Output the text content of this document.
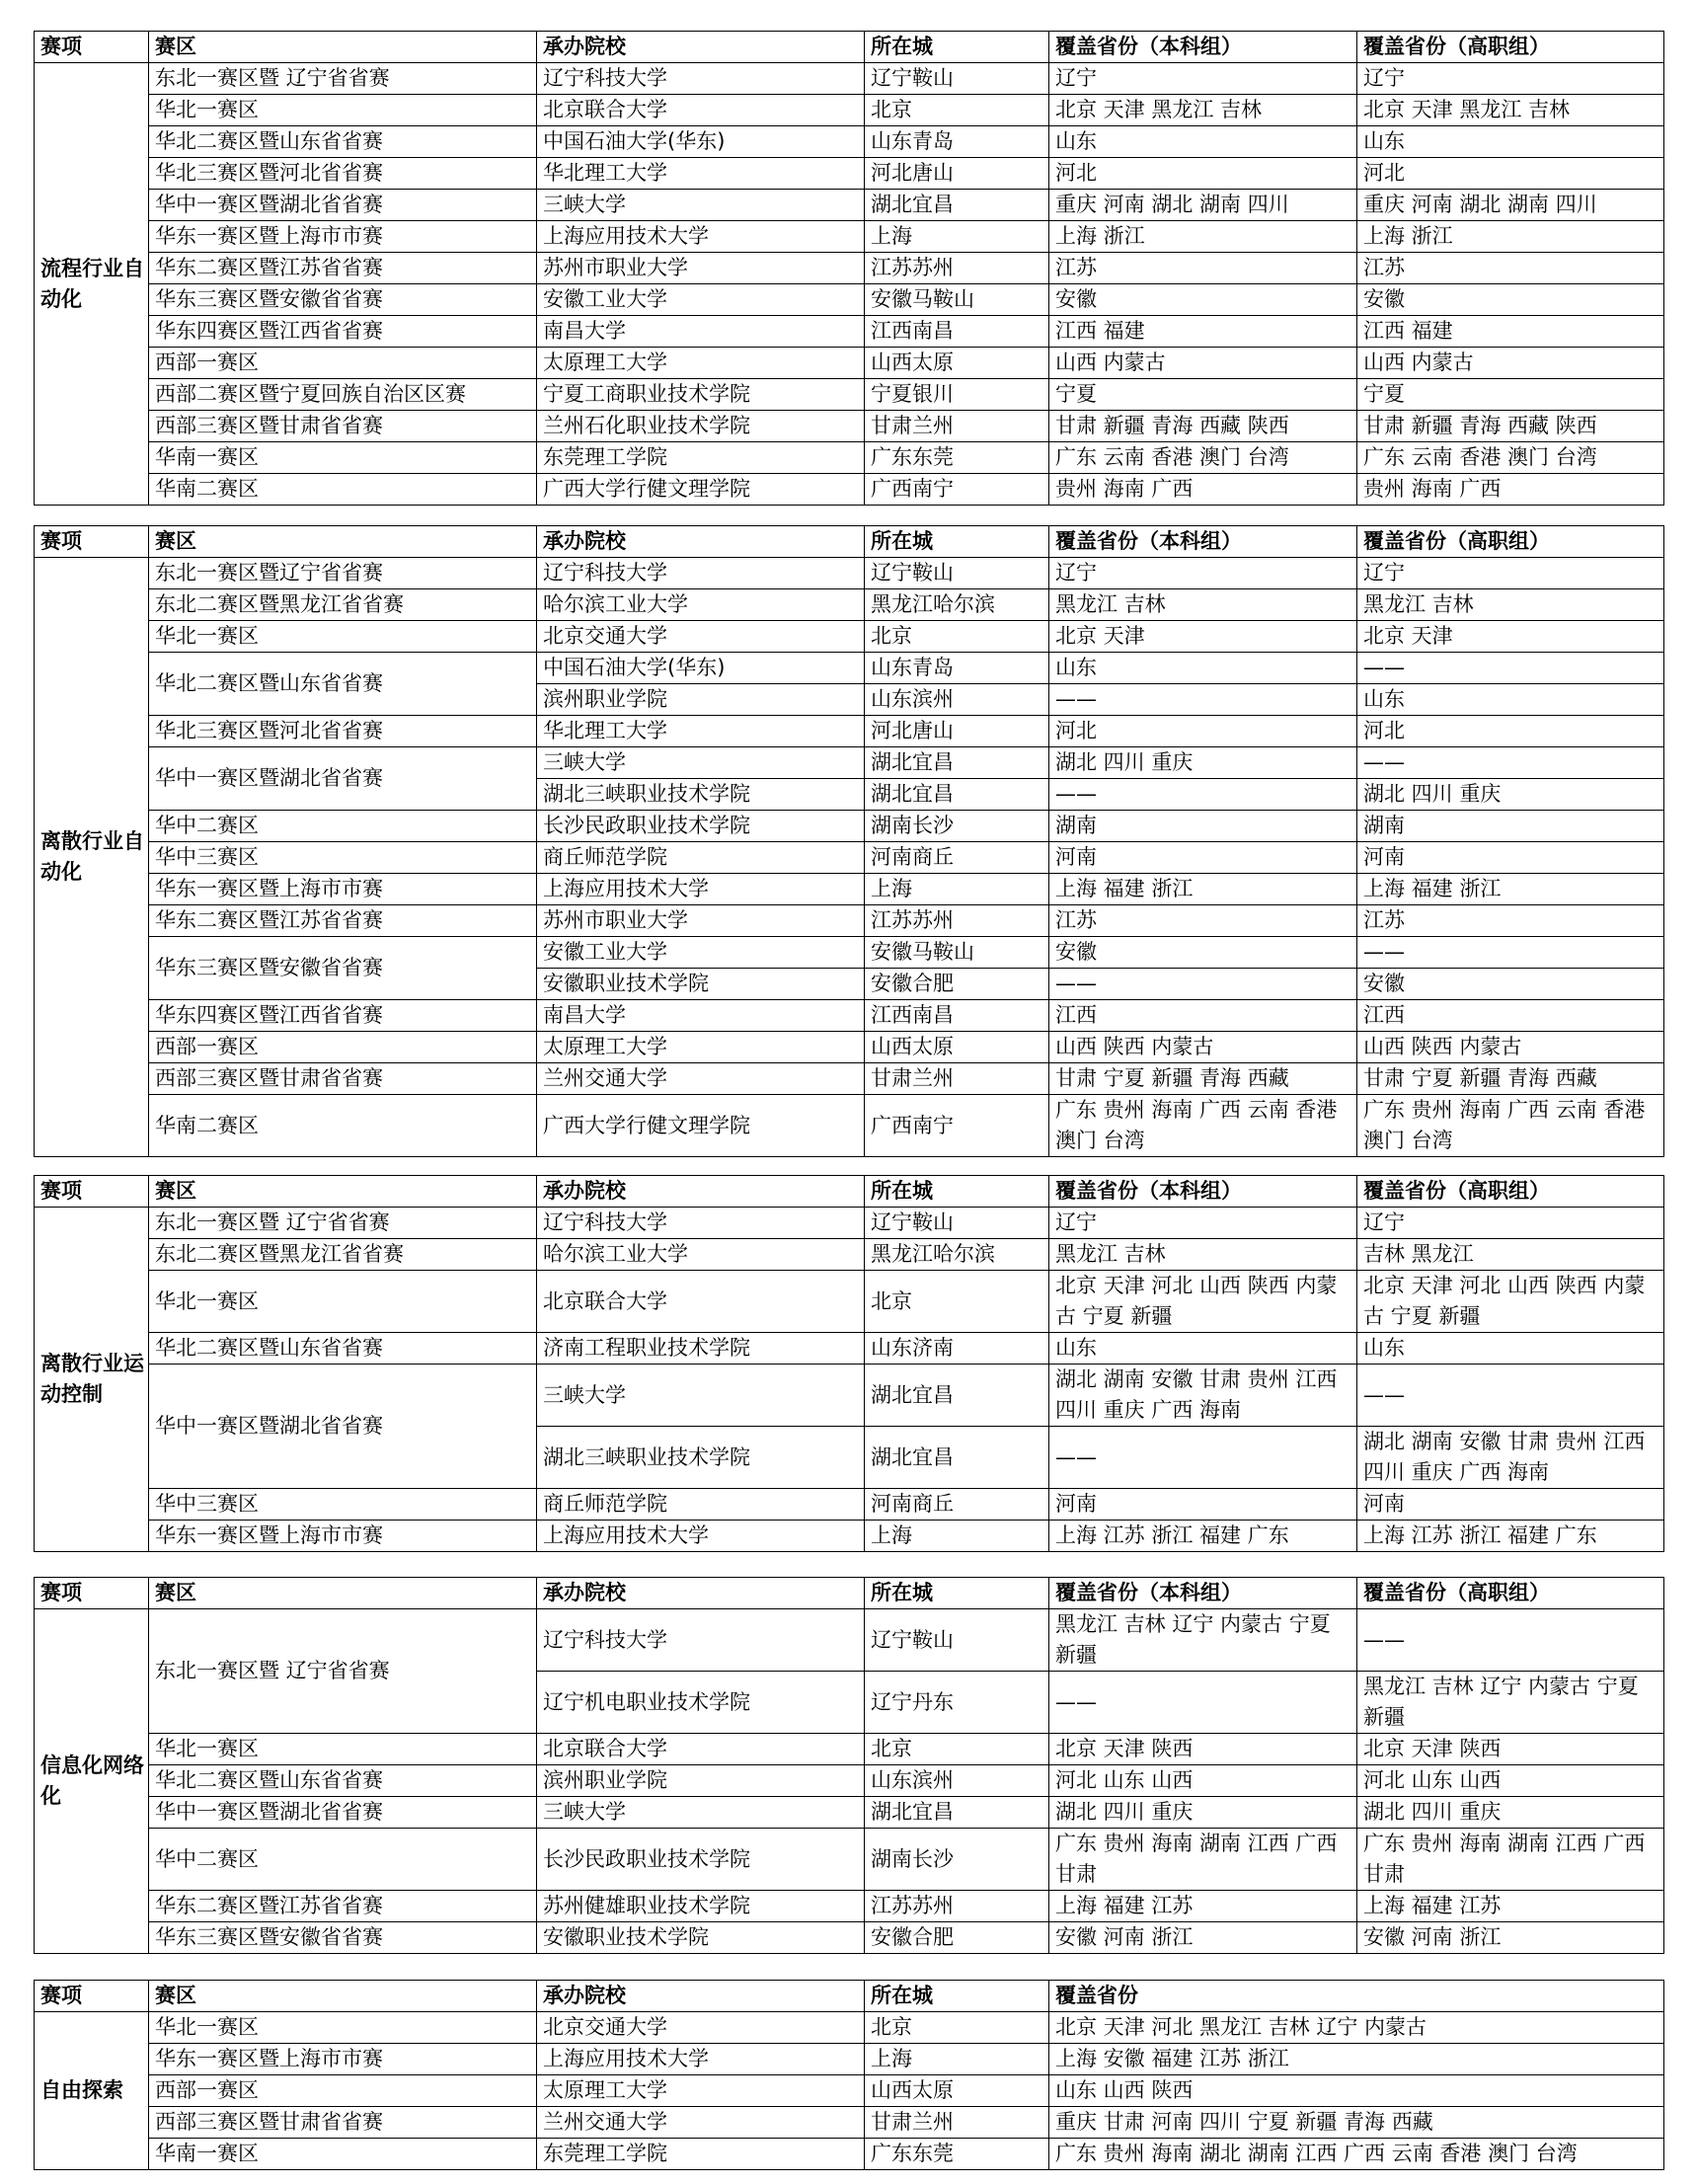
赛项	赛区	承办院校	所在城	覆盖省份（本科组）	覆盖省份（高职组）
流程行业自动化	东北一赛区暨 辽宁省省赛	辽宁科技大学	辽宁鞍山	辽宁	辽宁
	华北一赛区	北京联合大学	北京	北京 天津 黑龙江 吉林	北京 天津 黑龙江 吉林
	华北二赛区暨山东省省赛	中国石油大学(华东)	山东青岛	山东	山东
	华北三赛区暨河北省省赛	华北理工大学	河北唐山	河北	河北
	华中一赛区暨湖北省省赛	三峡大学	湖北宜昌	重庆 河南 湖北 湖南 四川	重庆 河南 湖北 湖南 四川
	华东一赛区暨上海市市赛	上海应用技术大学	上海	上海 浙江	上海 浙江
	华东二赛区暨江苏省省赛	苏州市职业大学	江苏苏州	江苏	江苏
	华东三赛区暨安徽省省赛	安徽工业大学	安徽马鞍山	安徽	安徽
	华东四赛区暨江西省省赛	南昌大学	江西南昌	江西 福建	江西 福建
	西部一赛区	太原理工大学	山西太原	山西 内蒙古	山西 内蒙古
	西部二赛区暨宁夏回族自治区区赛	宁夏工商职业技术学院	宁夏银川	宁夏	宁夏
	西部三赛区暨甘肃省省赛	兰州石化职业技术学院	甘肃兰州	甘肃 新疆 青海 西藏 陕西	甘肃 新疆 青海 西藏 陕西
	华南一赛区	东莞理工学院	广东东莞	广东 云南 香港 澳门 台湾	广东 云南 香港 澳门 台湾
	华南二赛区	广西大学行健文理学院	广西南宁	贵州 海南 广西	贵州 海南 广西
赛项	赛区	承办院校	所在城	覆盖省份（本科组）	覆盖省份（高职组）
离散行业自动化	东北一赛区暨辽宁省省赛	辽宁科技大学	辽宁鞍山	辽宁	辽宁
	东北二赛区暨黑龙江省省赛	哈尔滨工业大学	黑龙江哈尔滨	黑龙江 吉林	黑龙江 吉林
	华北一赛区	北京交通大学	北京	北京 天津	北京 天津
	华北二赛区暨山东省省赛	中国石油大学(华东)	山东青岛	山东	——
		滨州职业学院	山东滨州	——	山东
	华北三赛区暨河北省省赛	华北理工大学	河北唐山	河北	河北
	华中一赛区暨湖北省省赛	三峡大学	湖北宜昌	湖北 四川 重庆	——
		湖北三峡职业技术学院	湖北宜昌	——	湖北 四川 重庆
	华中二赛区	长沙民政职业技术学院	湖南长沙	湖南	湖南
	华中三赛区	商丘师范学院	河南商丘	河南	河南
	华东一赛区暨上海市市赛	上海应用技术大学	上海	上海 福建 浙江	上海 福建 浙江
	华东二赛区暨江苏省省赛	苏州市职业大学	江苏苏州	江苏	江苏
	华东三赛区暨安徽省省赛	安徽工业大学	安徽马鞍山	安徽	——
		安徽职业技术学院	安徽合肥	——	安徽
	华东四赛区暨江西省省赛	南昌大学	江西南昌	江西	江西
	西部一赛区	太原理工大学	山西太原	山西 陕西 内蒙古	山西 陕西 内蒙古
	西部三赛区暨甘肃省省赛	兰州交通大学	甘肃兰州	甘肃 宁夏 新疆 青海 西藏	甘肃 宁夏 新疆 青海 西藏
	华南二赛区	广西大学行健文理学院	广西南宁	广东 贵州 海南 广西 云南 香港 澳门 台湾	广东 贵州 海南 广西 云南 香港 澳门 台湾
赛项	赛区	承办院校	所在城	覆盖省份（本科组）	覆盖省份（高职组）
离散行业运动控制	东北一赛区暨 辽宁省省赛	辽宁科技大学	辽宁鞍山	辽宁	辽宁
	东北二赛区暨黑龙江省省赛	哈尔滨工业大学	黑龙江哈尔滨	黑龙江 吉林	吉林 黑龙江
	华北一赛区	北京联合大学	北京	北京 天津 河北 山西 陕西 内蒙古 宁夏 新疆	北京 天津 河北 山西 陕西 内蒙古 宁夏 新疆
	华北二赛区暨山东省省赛	济南工程职业技术学院	山东济南	山东	山东
	华中一赛区暨湖北省省赛	三峡大学	湖北宜昌	湖北 湖南 安徽 甘肃 贵州 江西 四川 重庆 广西 海南	——
		湖北三峡职业技术学院	湖北宜昌	——	湖北 湖南 安徽 甘肃 贵州 江西 四川 重庆 广西 海南
	华中三赛区	商丘师范学院	河南商丘	河南	河南
	华东一赛区暨上海市市赛	上海应用技术大学	上海	上海 江苏 浙江 福建 广东	上海 江苏 浙江 福建 广东
赛项	赛区	承办院校	所在城	覆盖省份（本科组）	覆盖省份（高职组）
信息化网络化	东北一赛区暨 辽宁省省赛	辽宁科技大学	辽宁鞍山	黑龙江 吉林 辽宁 内蒙古 宁夏 新疆	——
		辽宁机电职业技术学院	辽宁丹东	——	黑龙江 吉林 辽宁 内蒙古 宁夏 新疆
	华北一赛区	北京联合大学	北京	北京 天津 陕西	北京 天津 陕西
	华北二赛区暨山东省省赛	滨州职业学院	山东滨州	河北 山东 山西	河北 山东 山西
	华中一赛区暨湖北省省赛	三峡大学	湖北宜昌	湖北 四川 重庆	湖北 四川 重庆
	华中二赛区	长沙民政职业技术学院	湖南长沙	广东 贵州 海南 湖南 江西 广西 甘肃	广东 贵州 海南 湖南 江西 广西 甘肃
	华东二赛区暨江苏省省赛	苏州健雄职业技术学院	江苏苏州	上海 福建 江苏	上海 福建 江苏
	华东三赛区暨安徽省省赛	安徽职业技术学院	安徽合肥	安徽 河南 浙江	安徽 河南 浙江
赛项	赛区	承办院校	所在城	覆盖省份
自由探索	华北一赛区	北京交通大学	北京	北京 天津 河北 黑龙江 吉林 辽宁 内蒙古
	华东一赛区暨上海市市赛	上海应用技术大学	上海	上海 安徽 福建 江苏 浙江
	西部一赛区	太原理工大学	山西太原	山东 山西 陕西
	西部三赛区暨甘肃省省赛	兰州交通大学	甘肃兰州	重庆 甘肃 河南 四川 宁夏 新疆 青海 西藏
	华南一赛区	东莞理工学院	广东东莞	广东 贵州 海南 湖北 湖南 江西 广西 云南 香港 澳门 台湾
